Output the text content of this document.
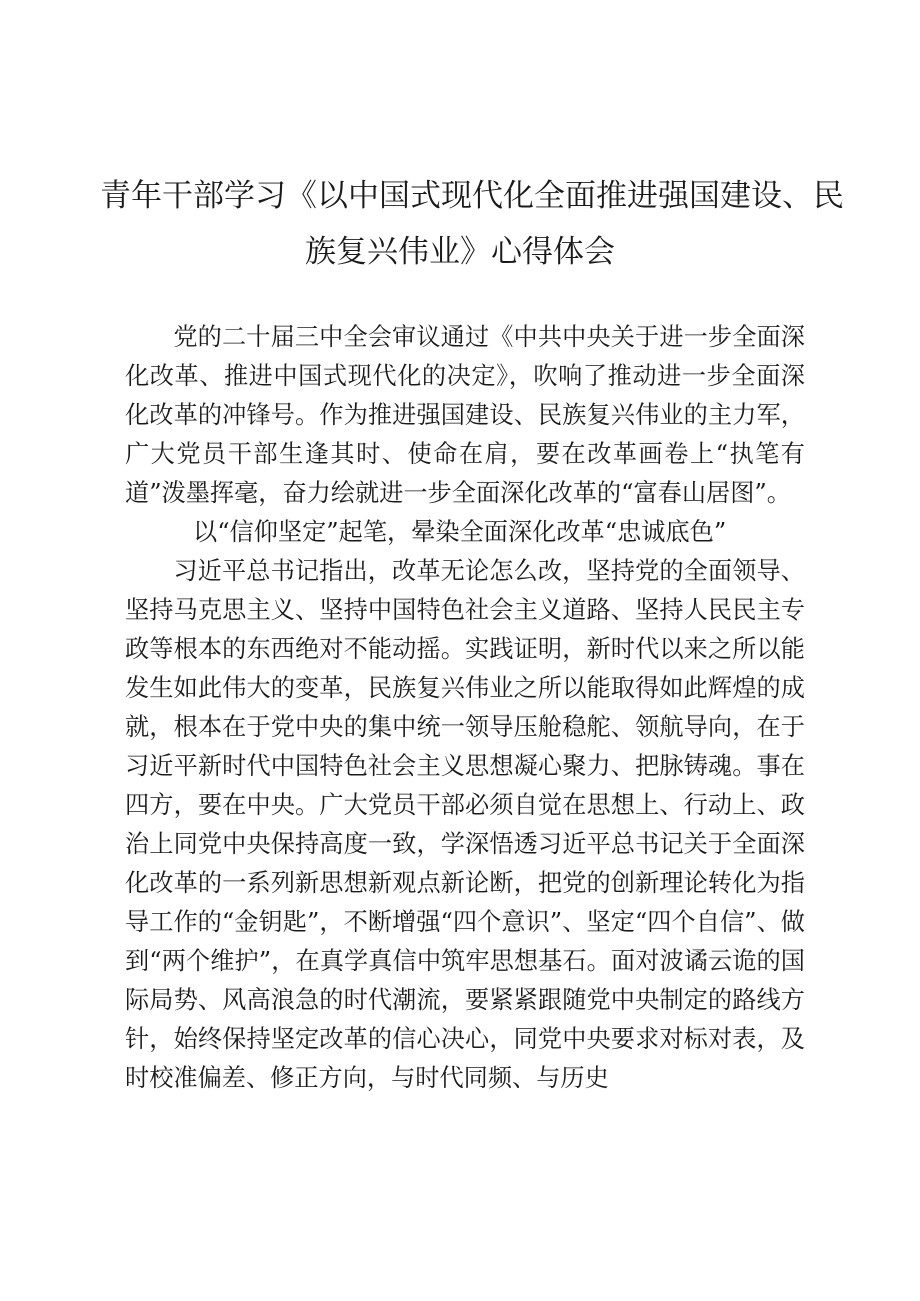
青年干部学习《以中国式现代化全面推进强国建设、民
族复兴伟业》心得体会

党的二十届三中全会审议通过《中共中央关于进一步全面深化改革、推进中国式现代化的决定》，吹响了推动进一步全面深化改革的冲锋号。作为推进强国建设、民族复兴伟业的主力军，广大党员干部生逢其时、使命在肩，要在改革画卷上“执笔有道”泼墨挥毫，奋力绘就进一步全面深化改革的“富春山居图”。

以“信仰坚定”起笔，晕染全面深化改革“忠诚底色”

习近平总书记指出，改革无论怎么改，坚持党的全面领导、坚持马克思主义、坚持中国特色社会主义道路、坚持人民民主专政等根本的东西绝对不能动摇。实践证明，新时代以来之所以能发生如此伟大的变革，民族复兴伟业之所以能取得如此辉煌的成就，根本在于党中央的集中统一领导压舱稳舵、领航导向，在于习近平新时代中国特色社会主义思想凝心聚力、把脉铸魂。事在四方，要在中央。广大党员干部必须自觉在思想上、行动上、政治上同党中央保持高度一致，学深悟透习近平总书记关于全面深化改革的一系列新思想新观点新论断，把党的创新理论转化为指导工作的“金钥匙”，不断增强“四个意识”、坚定“四个自信”、做到“两个维护”，在真学真信中筑牢思想基石。面对波谲云诡的国际局势、风高浪急的时代潮流，要紧紧跟随党中央制定的路线方针，始终保持坚定改革的信心决心，同党中央要求对标对表，及时校准偏差、修正方向，与时代同频、与历史
